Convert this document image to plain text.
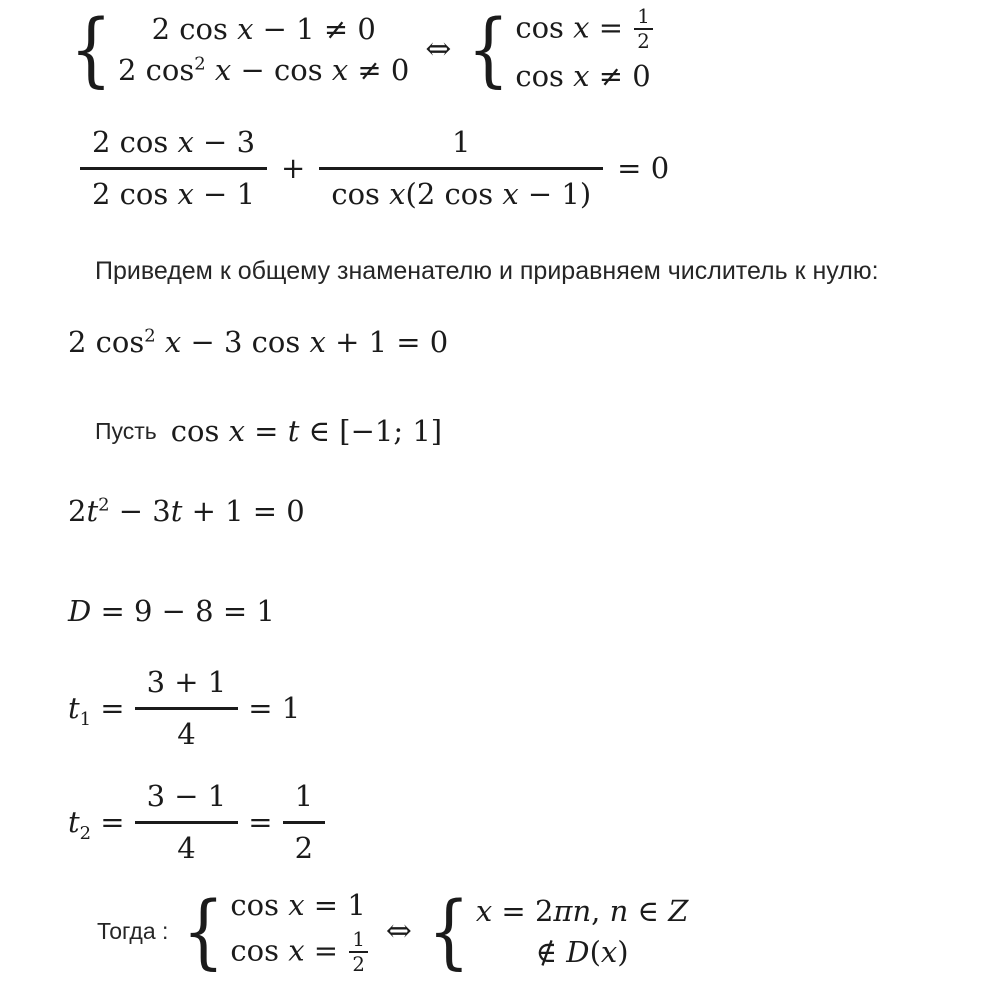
{ 2 cos x − 1 ≠ 0
2 $\cos^2 x - \cos x \ne 0$
⇔ { $\cos x = \frac{1}{2}$
cos x ≠ 0
$\frac{\text{2 cos x − 3}}{\text{2 cos x − 1}} + \frac{1}{\text{cos x(2 cos x − 1)}} = 0$
Приведем к общему знаменателю и приравняем числитель к нулю:
2 $\cos^2 x - 3$ cos x + 1 = 0
Пусть cos x = t ∈ [−1; 1]
$2t^2 - 3t + 1 = 0$
D = 9 − 8 = 1
$t_1 = \frac{3 + 1}{4} = 1$
$t_2 = \frac{3 - 1}{4} = \frac{1}{2}$
Тогда : { cos x = 1
$\cos x = \frac{1}{2}$ ⇔ { x = 2πn, n ∈ Z
∉ D(x)
